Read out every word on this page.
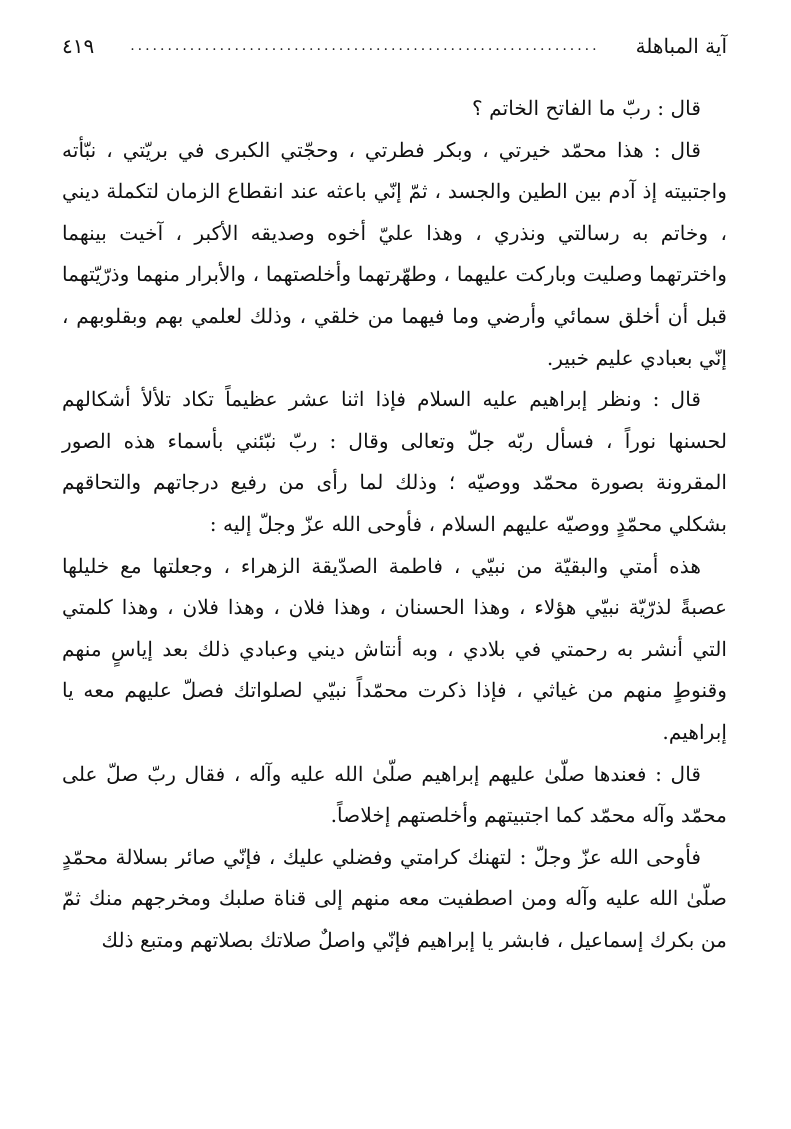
آية المباهلة
...............................................................
٤١٩

قال : ربّ ما الفاتح الخاتم ؟

قال : هذا محمّد خيرتي ، وبكر فطرتي ، وحجّتي الكبرى في بريّتي ، نبّأته واجتبيته إذ آدم بين الطين والجسد ، ثمّ إنّي باعثه عند انقطاع الزمان لتكملة ديني ، وخاتم به رسالتي ونذري ، وهذا عليّ أخوه وصديقه الأكبر ، آخيت بينهما واخترتهما وصليت وباركت عليهما ، وطهّرتهما وأخلصتهما ، والأبرار منهما وذرّيّتهما قبل أن أخلق سمائي وأرضي وما فيهما من خلقي ، وذلك لعلمي بهم وبقلوبهم ، إنّي بعبادي عليم خبير.

قال : ونظر إبراهيم عليه السلام فإذا اثنا عشر عظيماً تكاد تلألأ أشكالهم لحسنها نوراً ، فسأل ربّه جلّ وتعالى وقال : ربّ نبّئني بأسماء هذه الصور المقرونة بصورة محمّد ووصيّه ؛ وذلك لما رأى من رفيع درجاتهم والتحاقهم بشكلي محمّدٍ ووصيّه عليهم السلام ، فأوحى الله عزّ وجلّ إليه :

هذه أمتي والبقيّة من نبيّي ، فاطمة الصدّيقة الزهراء ، وجعلتها مع خليلها عصبةً لذرّيّة نبيّي هؤلاء ، وهذا الحسنان ، وهذا فلان ، وهذا فلان ، وهذا كلمتي التي أنشر به رحمتي في بلادي ، وبه أنتاش ديني وعبادي ذلك بعد إياسٍ منهم وقنوطٍ منهم من غياثي ، فإذا ذكرت محمّداً نبيّي لصلواتك فصلّ عليهم معه يا إبراهيم.

قال : فعندها صلّىٰ عليهم إبراهيم صلّىٰ الله عليه وآله ، فقال ربّ صلّ على محمّد وآله محمّد كما اجتبيتهم وأخلصتهم إخلاصاً.

فأوحى الله عزّ وجلّ : لتهنك كرامتي وفضلي عليك ، فإنّي صائر بسلالة محمّدٍ صلّىٰ الله عليه وآله ومن اصطفيت معه منهم إلى قناة صلبك ومخرجهم منك ثمّ من بكرك إسماعيل ، فابشر يا إبراهيم فإنّي واصلٌ صلاتك بصلاتهم ومتبع ذلك
